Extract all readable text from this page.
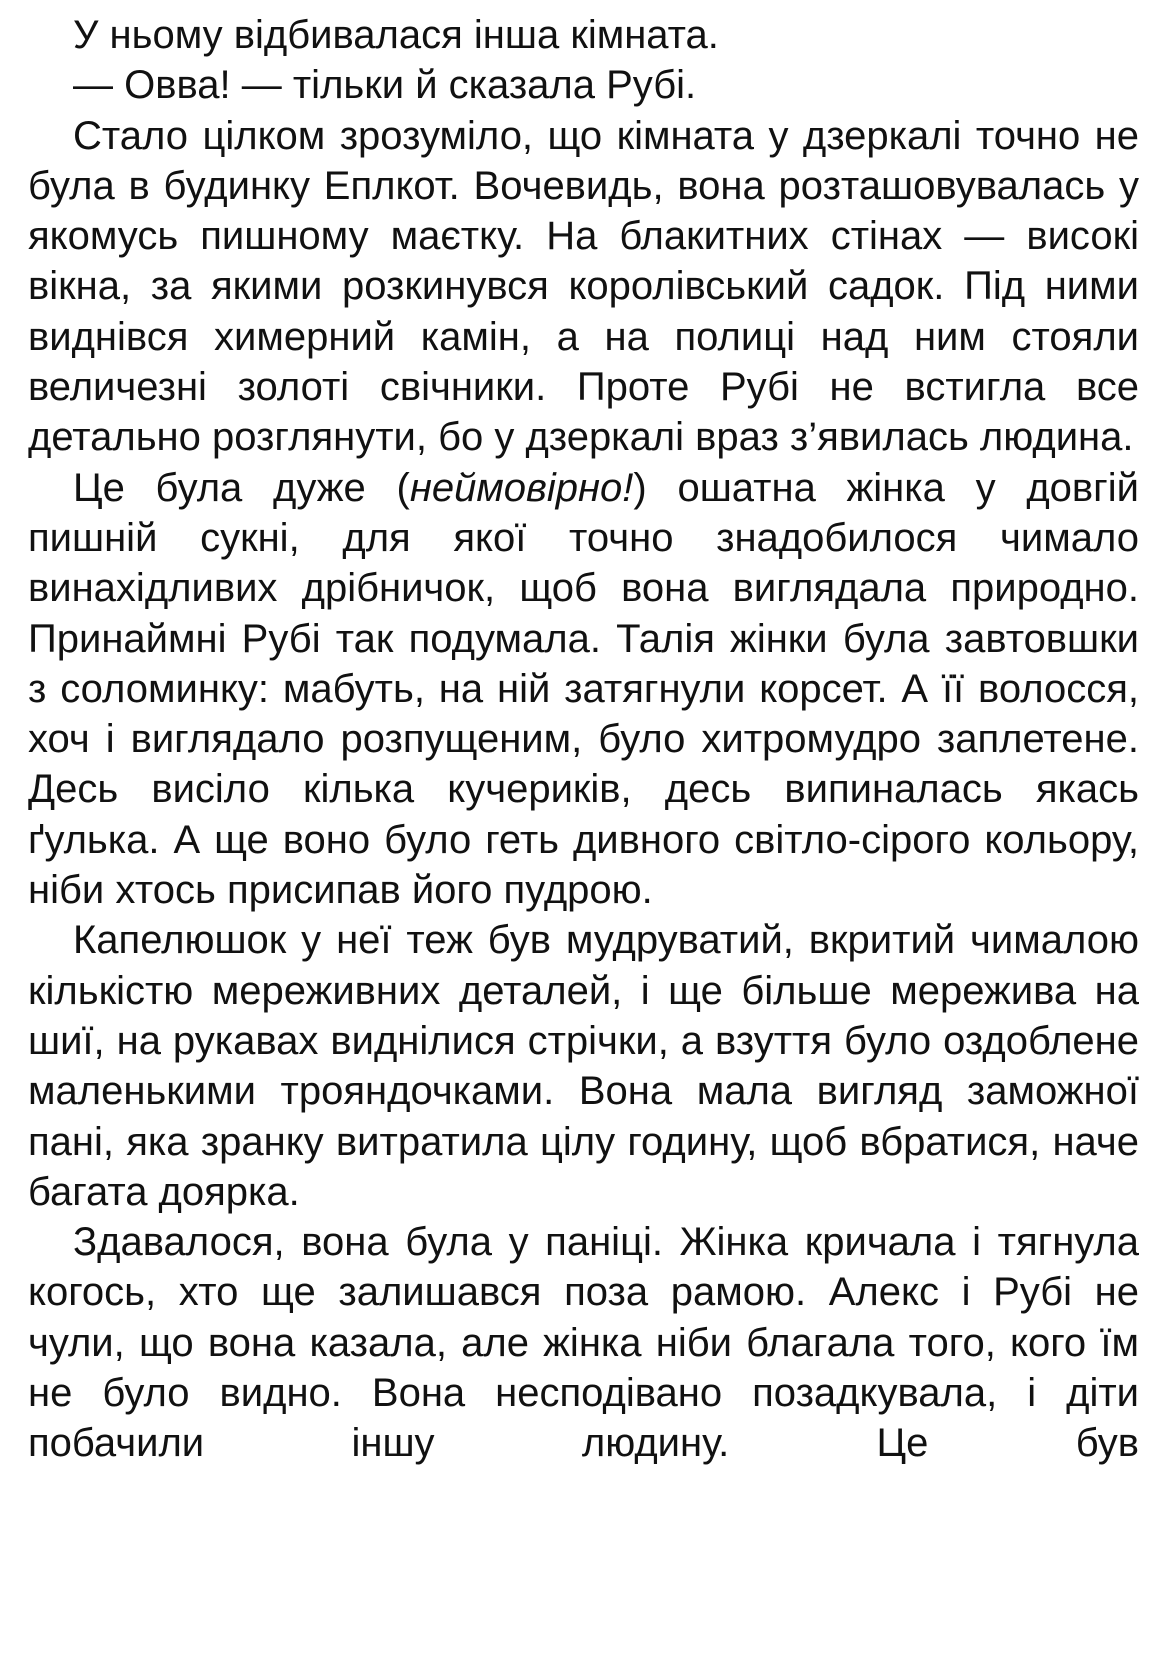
У ньому відбивалася інша кімната.

— Овва! — тільки й сказала Рубі.

Стало цілком зрозуміло, що кімната у дзеркалі точно не була в будинку Еплкот. Вочевидь, вона розташовувалась у якомусь пишному маєтку. На блакитних стінах — високі вікна, за якими розкинувся королівський садок. Під ними виднівся химерний камін, а на полиці над ним стояли величезні золоті свічники. Проте Рубі не встигла все детально розглянути, бо у дзеркалі враз з’явилась людина.

Це була дуже (неймовірно!) ошатна жінка у довгій пишній сукні, для якої точно знадобилося чимало винахідливих дрібничок, щоб вона виглядала природно. Принаймні Рубі так подумала. Талія жінки була завтовшки з соломинку: мабуть, на ній затягнули корсет. А її волосся, хоч і виглядало розпущеним, було хитромудро заплетене. Десь висіло кілька кучериків, десь випиналась якась ґулька. А ще воно було геть дивного світло-сірого кольору, ніби хтось присипав його пудрою.

Капелюшок у неї теж був мудруватий, вкритий чималою кількістю мереживних деталей, і ще більше мережива на шиї, на рукавах виднілися стрічки, а взуття було оздоблене маленькими трояндочками. Вона мала вигляд заможної пані, яка зранку витратила цілу годину, щоб вбратися, наче багата доярка.

Здавалося, вона була у паніці. Жінка кричала і тягнула когось, хто ще залишався поза рамою. Алекс і Рубі не чули, що вона казала, але жінка ніби благала того, кого їм не було видно. Вона несподівано позадкувала, і діти побачили іншу людину. Це був
